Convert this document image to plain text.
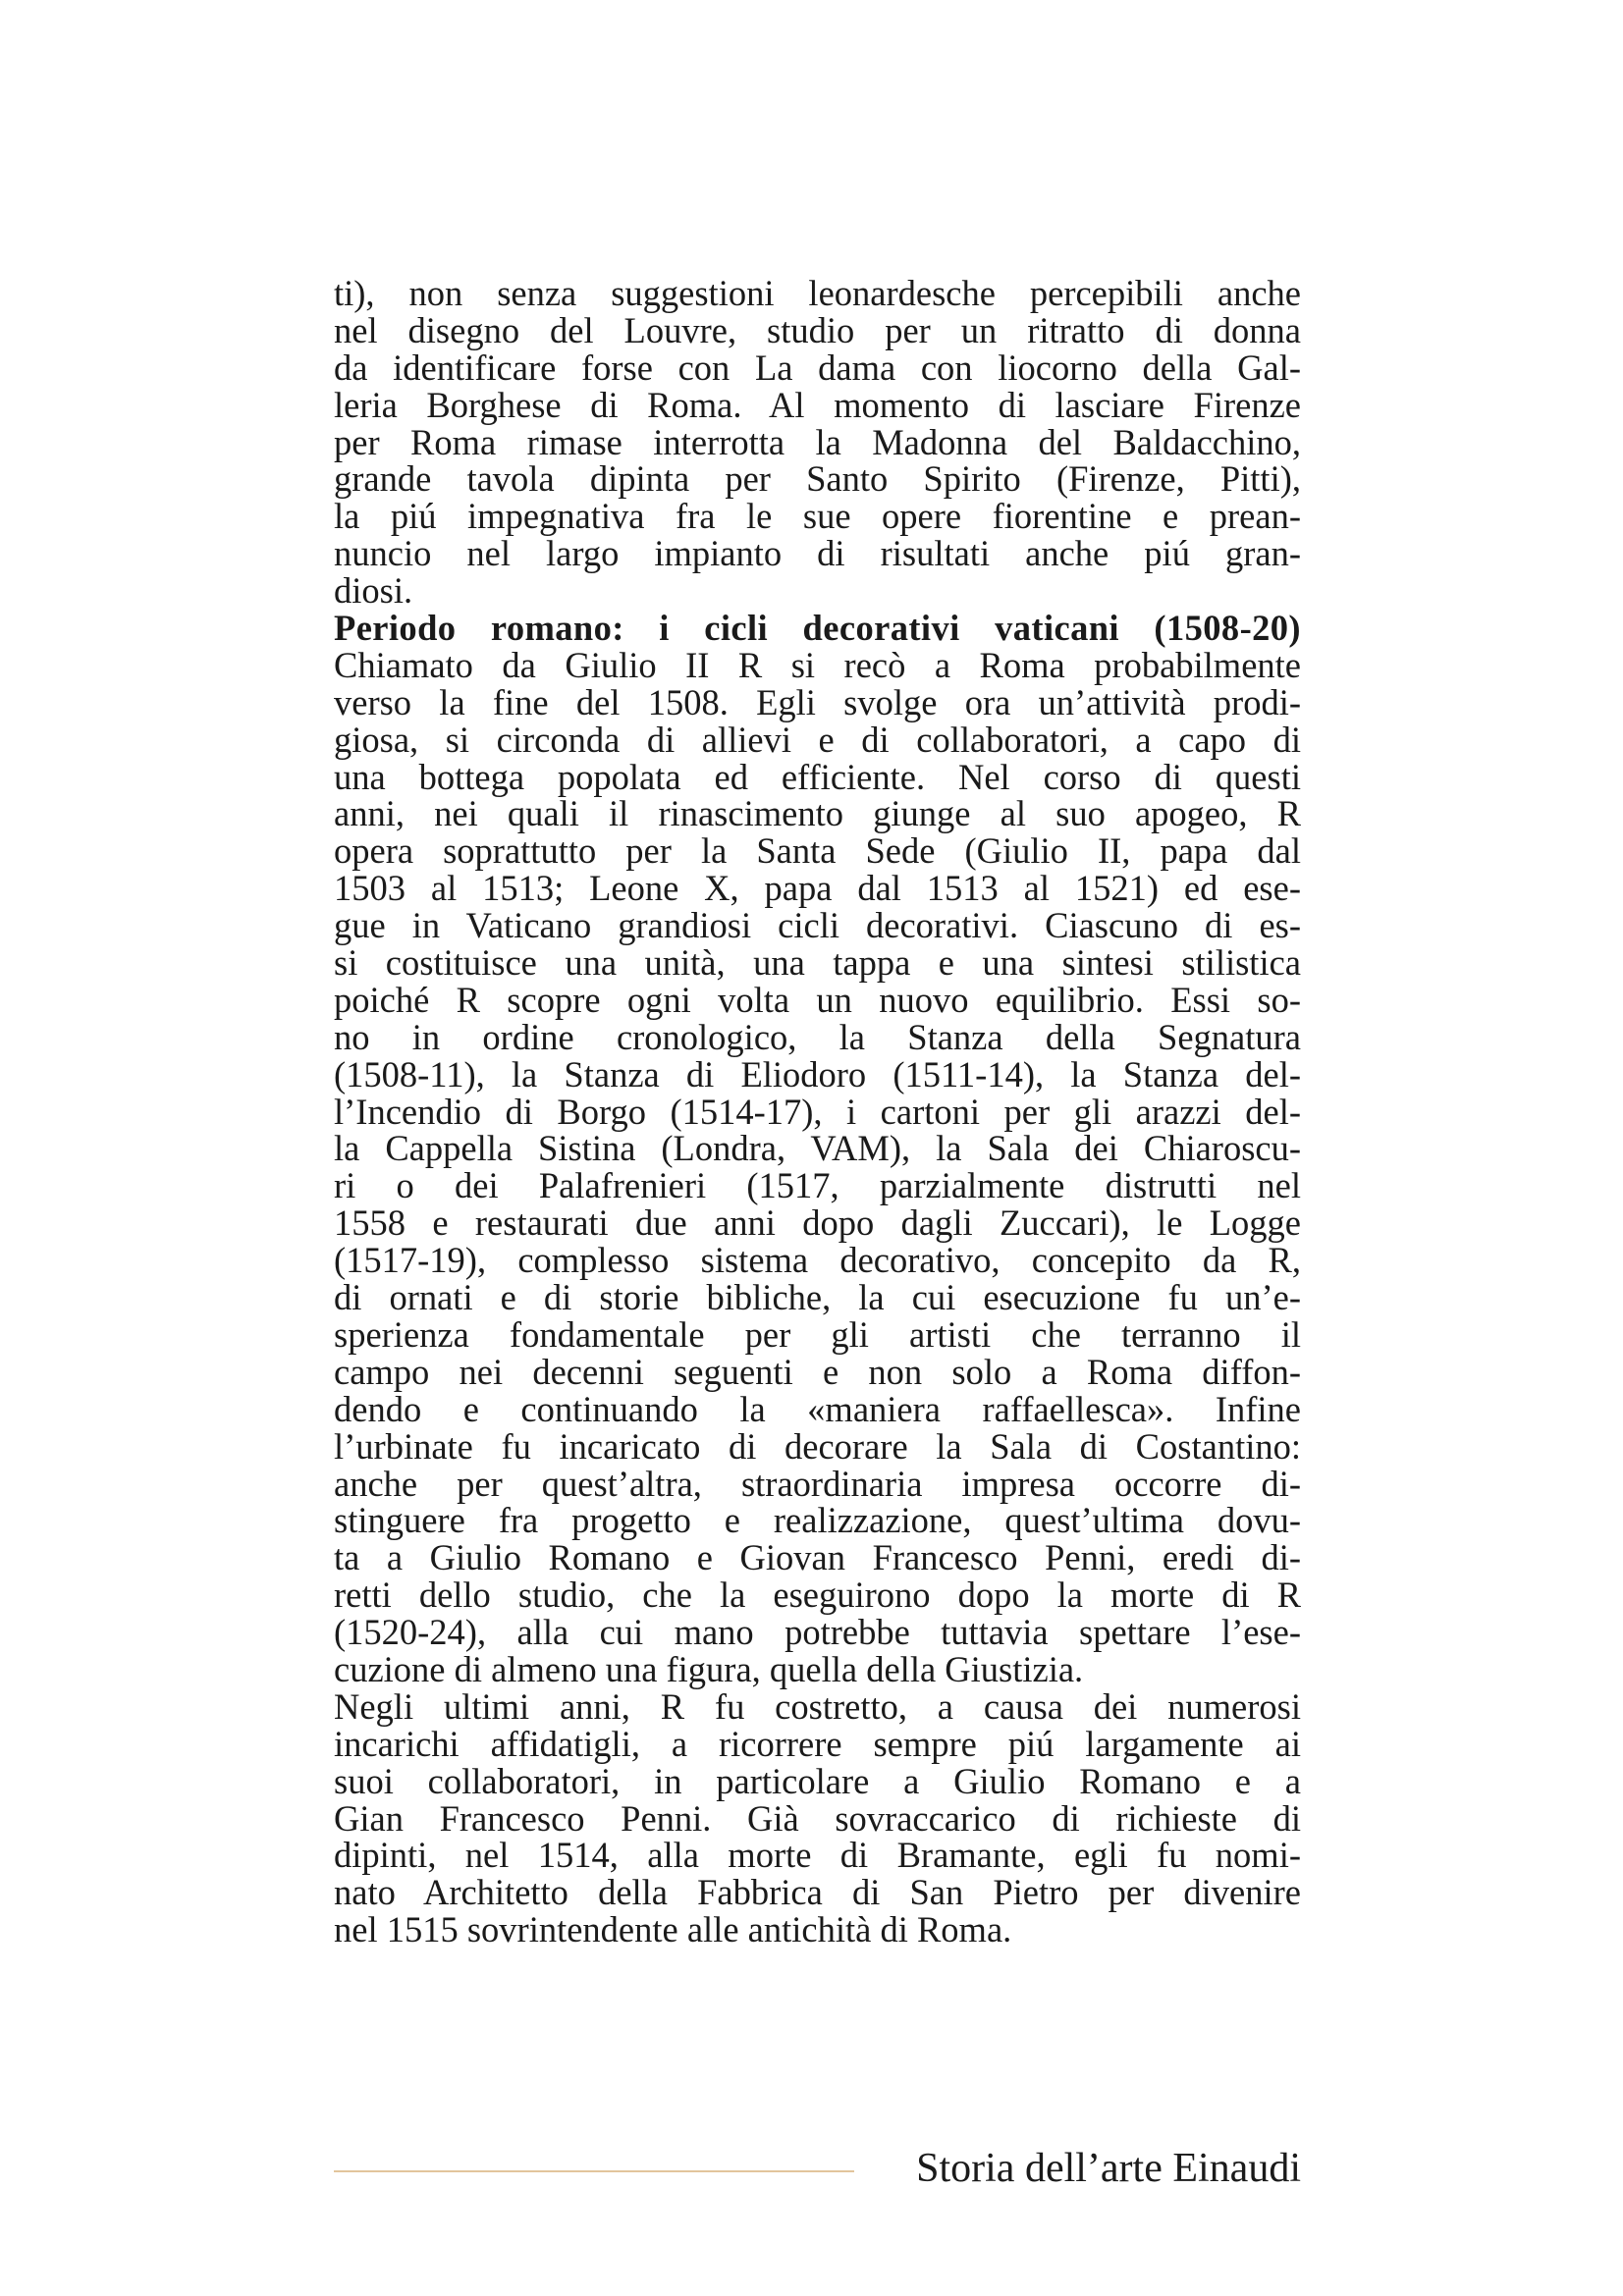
ti), non senza suggestioni leonardesche percepibili anche
nel disegno del Louvre, studio per un ritratto di donna
da identificare forse con La dama con liocorno della Gal-
leria Borghese di Roma. Al momento di lasciare Firenze
per Roma rimase interrotta la Madonna del Baldacchino,
grande tavola dipinta per Santo Spirito (Firenze, Pitti),
la piú impegnativa fra le sue opere fiorentine e prean-
nuncio nel largo impianto di risultati anche piú gran-
diosi.
Periodo romano: i cicli decorativi vaticani (1508-20)
Chiamato da Giulio II R si recò a Roma probabilmente
verso la fine del 1508. Egli svolge ora un’attività prodi-
giosa, si circonda di allievi e di collaboratori, a capo di
una bottega popolata ed efficiente. Nel corso di questi
anni, nei quali il rinascimento giunge al suo apogeo, R
opera soprattutto per la Santa Sede (Giulio II, papa dal
1503 al 1513; Leone X, papa dal 1513 al 1521) ed ese-
gue in Vaticano grandiosi cicli decorativi. Ciascuno di es-
si costituisce una unità, una tappa e una sintesi stilistica
poiché R scopre ogni volta un nuovo equilibrio. Essi so-
no in ordine cronologico, la Stanza della Segnatura
(1508-11), la Stanza di Eliodoro (1511-14), la Stanza del-
l’Incendio di Borgo (1514-17), i cartoni per gli arazzi del-
la Cappella Sistina (Londra, VAM), la Sala dei Chiaroscu-
ri o dei Palafrenieri (1517, parzialmente distrutti nel
1558 e restaurati due anni dopo dagli Zuccari), le Logge
(1517-19), complesso sistema decorativo, concepito da R,
di ornati e di storie bibliche, la cui esecuzione fu un’e-
sperienza fondamentale per gli artisti che terranno il
campo nei decenni seguenti e non solo a Roma diffon-
dendo e continuando la «maniera raffaellesca». Infine
l’urbinate fu incaricato di decorare la Sala di Costantino:
anche per quest’altra, straordinaria impresa occorre di-
stinguere fra progetto e realizzazione, quest’ultima dovu-
ta a Giulio Romano e Giovan Francesco Penni, eredi di-
retti dello studio, che la eseguirono dopo la morte di R
(1520-24), alla cui mano potrebbe tuttavia spettare l’ese-
cuzione di almeno una figura, quella della Giustizia.
Negli ultimi anni, R fu costretto, a causa dei numerosi
incarichi affidatigli, a ricorrere sempre piú largamente ai
suoi collaboratori, in particolare a Giulio Romano e a
Gian Francesco Penni. Già sovraccarico di richieste di
dipinti, nel 1514, alla morte di Bramante, egli fu nomi-
nato Architetto della Fabbrica di San Pietro per divenire
nel 1515 sovrintendente alle antichità di Roma.
Storia dell’arte Einaudi
